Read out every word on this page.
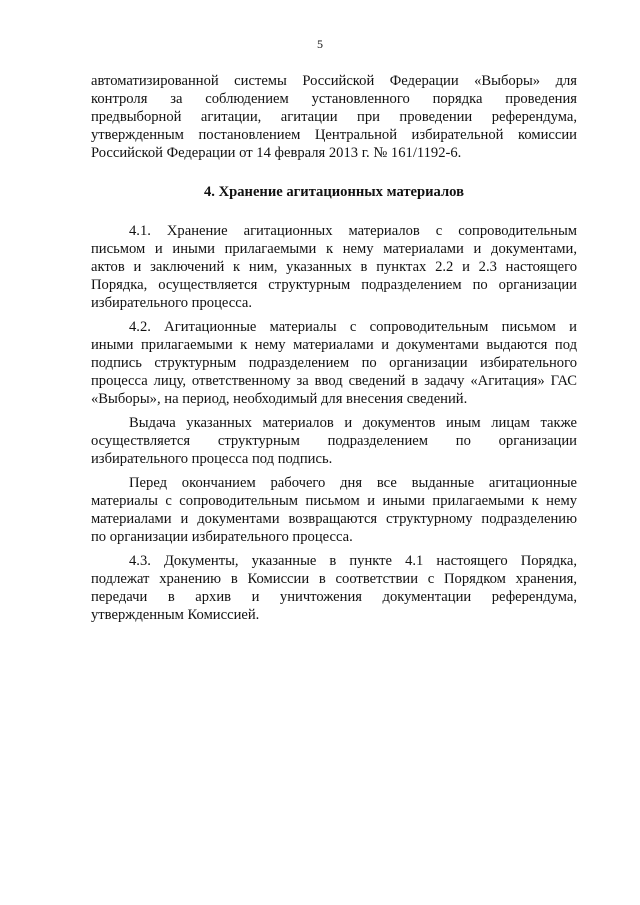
5
автоматизированной системы Российской Федерации «Выборы» для
контроля за соблюдением установленного порядка проведения
предвыборной агитации, агитации при проведении референдума,
утвержденным постановлением Центральной избирательной комиссии
Российской Федерации от 14 февраля 2013 г. № 161/1192-6.
4. Хранение агитационных материалов
4.1. Хранение агитационных материалов с сопроводительным
письмом и иными прилагаемыми к нему материалами и документами,
актов и заключений к ним, указанных в пунктах 2.2 и 2.3 настоящего
Порядка, осуществляется структурным подразделением по организации
избирательного процесса.
4.2. Агитационные материалы с сопроводительным письмом и
иными прилагаемыми к нему материалами и документами выдаются под
подпись структурным подразделением по организации избирательного
процесса лицу, ответственному за ввод сведений в задачу «Агитация» ГАС
«Выборы», на период, необходимый для внесения сведений.
Выдача указанных материалов и документов иным лицам также
осуществляется структурным подразделением по организации
избирательного процесса под подпись.
Перед окончанием рабочего дня все выданные агитационные
материалы с сопроводительным письмом и иными прилагаемыми к нему
материалами и документами возвращаются структурному подразделению
по организации избирательного процесса.
4.3. Документы, указанные в пункте 4.1 настоящего Порядка,
подлежат хранению в Комиссии в соответствии с Порядком хранения,
передачи в архив и уничтожения документации референдума,
утвержденным Комиссией.
